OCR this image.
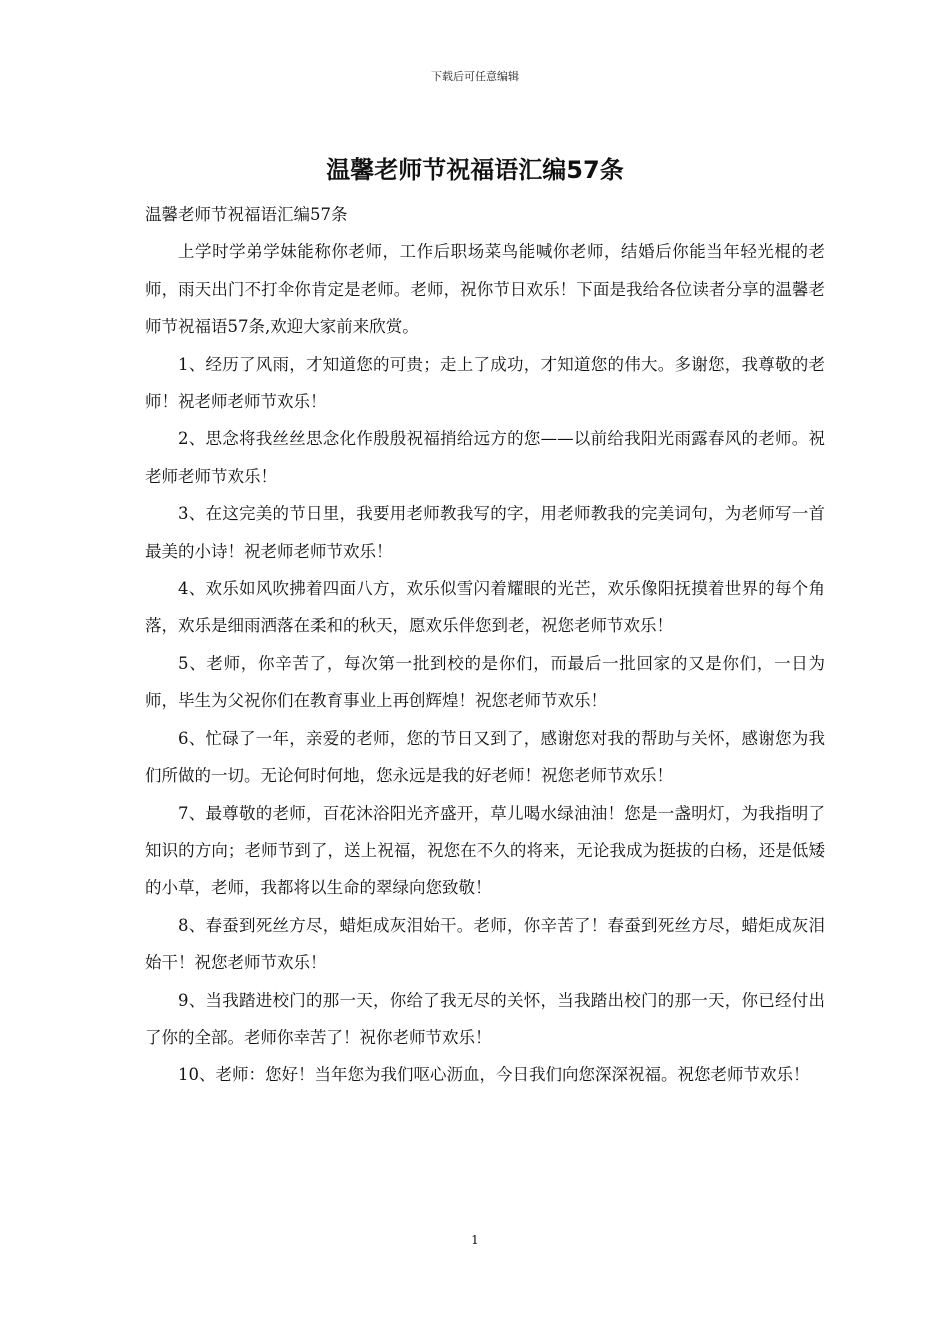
下载后可任意编辑
温馨老师节祝福语汇编57条

温馨老师节祝福语汇编57条

上学时学弟学妹能称你老师，工作后职场菜鸟能喊你老师，结婚后你能当年轻光棍的老师，雨天出门不打伞你肯定是老师。老师，祝你节日欢乐！下面是我给各位读者分享的温馨老师节祝福语57条,欢迎大家前来欣赏。

1、经历了风雨，才知道您的可贵；走上了成功，才知道您的伟大。多谢您，我尊敬的老师！祝老师老师节欢乐！

2、思念将我丝丝思念化作殷殷祝福捎给远方的您——以前给我阳光雨露春风的老师。祝老师老师节欢乐！

3、在这完美的节日里，我要用老师教我写的字，用老师教我的完美词句，为老师写一首最美的小诗！祝老师老师节欢乐！

4、欢乐如风吹拂着四面八方，欢乐似雪闪着耀眼的光芒，欢乐像阳抚摸着世界的每个角落，欢乐是细雨洒落在柔和的秋天，愿欢乐伴您到老，祝您老师节欢乐！

5、老师，你辛苦了，每次第一批到校的是你们，而最后一批回家的又是你们，一日为师，毕生为父祝你们在教育事业上再创辉煌！祝您老师节欢乐！

6、忙碌了一年，亲爱的老师，您的节日又到了，感谢您对我的帮助与关怀，感谢您为我们所做的一切。无论何时何地，您永远是我的好老师！祝您老师节欢乐！

7、最尊敬的老师，百花沐浴阳光齐盛开，草儿喝水绿油油！您是一盏明灯，为我指明了知识的方向；老师节到了，送上祝福，祝您在不久的将来，无论我成为挺拔的白杨，还是低矮的小草，老师，我都将以生命的翠绿向您致敬！

8、春蚕到死丝方尽，蜡炬成灰泪始干。老师，你辛苦了！春蚕到死丝方尽，蜡炬成灰泪始干！祝您老师节欢乐！

9、当我踏进校门的那一天，你给了我无尽的关怀，当我踏出校门的那一天，你已经付出了你的全部。老师你幸苦了！祝你老师节欢乐！

10、老师：您好！当年您为我们呕心沥血，今日我们向您深深祝福。祝您老师节欢乐！

1
